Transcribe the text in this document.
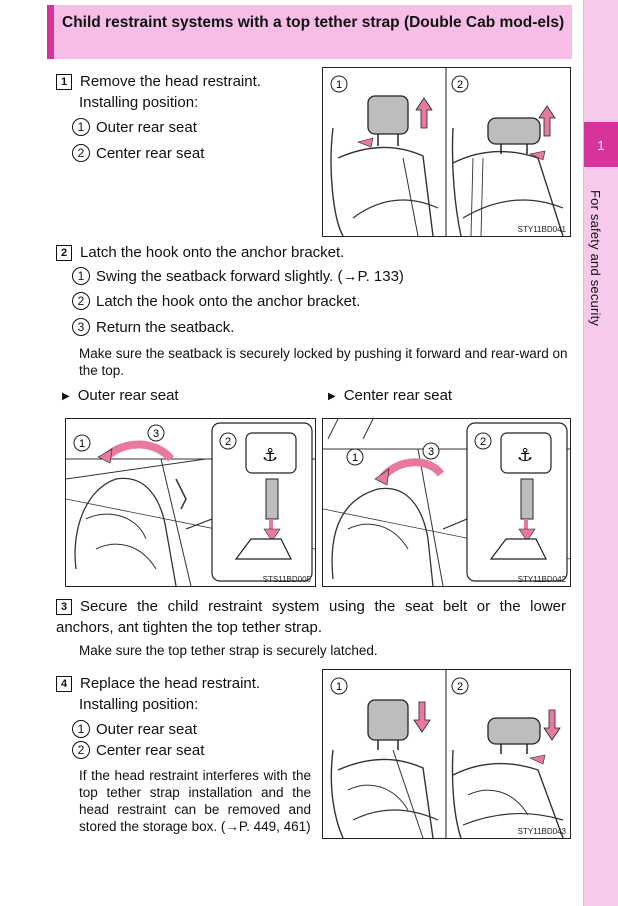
1
For safety and security
Child restraint systems with a top tether strap (Double Cab mod-els)
1 Remove the head restraint.
Installing position:
1 Outer rear seat
2 Center rear seat
1	2
STY11BD041
2 Latch the hook onto the anchor bracket.
1 Swing the seatback forward slightly. (→P. 133)
2 Latch the hook onto the anchor bracket.
3 Return the seatback.
Make sure the seatback is securely locked by pushing it forward and rear-ward on the top.
▶ Outer rear seat	▶ Center rear seat
⚓
1	2
3
STS11BD005
⚓
1
2
3
STY11BD042
3 Secure the child restraint system using the seat belt or the lower anchors, ant tighten the top tether strap.
Make sure the top tether strap is securely latched.
4 Replace the head restraint.
Installing position:
1 Outer rear seat
2 Center rear seat
If the head restraint interferes with the top tether strap installation and the head restraint can be removed and stored the storage box. (→P. 449, 461)
1	2
STY11BD043
